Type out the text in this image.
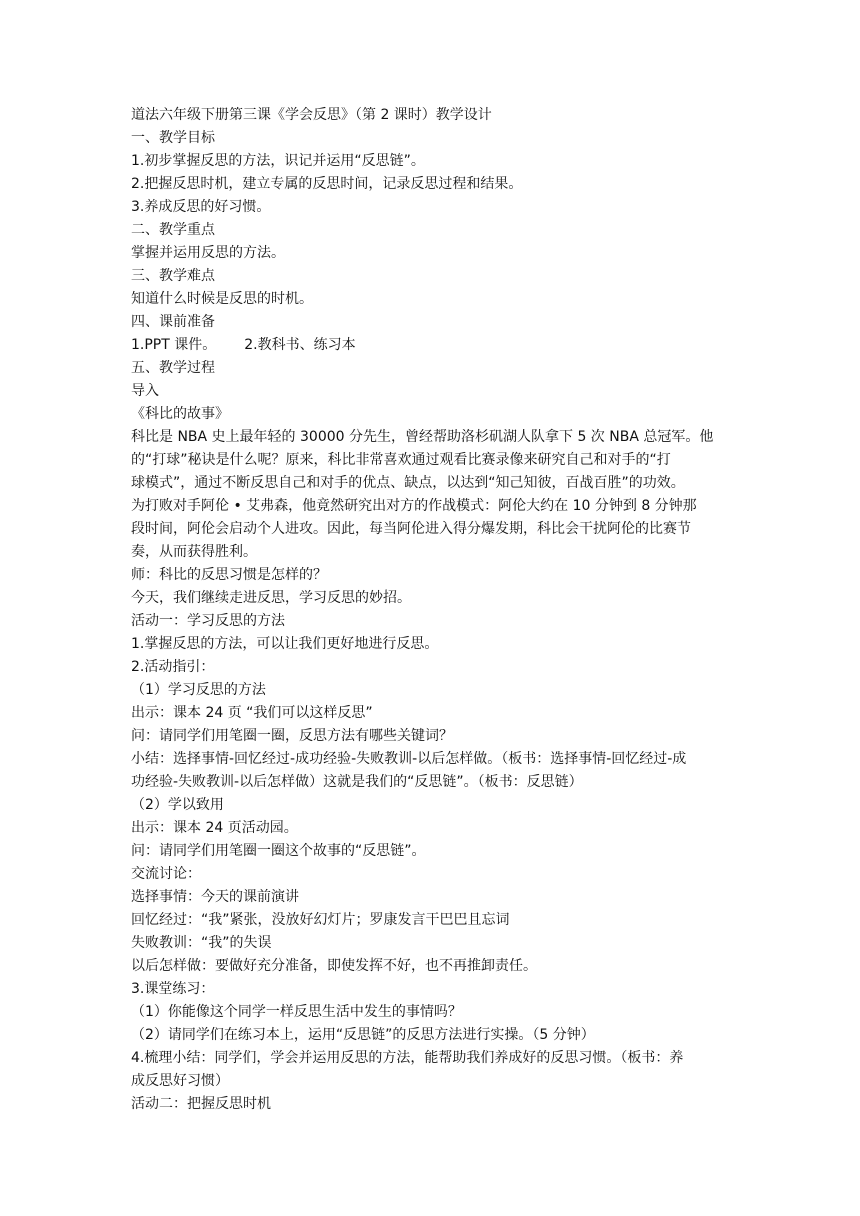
道法六年级下册第三课《学会反思》（第 2 课时）教学设计
一、教学目标
1.初步掌握反思的方法，识记并运用“反思链”。
2.把握反思时机，建立专属的反思时间，记录反思过程和结果。
3.养成反思的好习惯。
二、教学重点
掌握并运用反思的方法。
三、教学难点
知道什么时候是反思的时机。
四、课前准备
1.PPT 课件。 2.教科书、练习本
五、教学过程
导入
《科比的故事》
科比是 NBA 史上最年轻的 30000 分先生，曾经帮助洛杉矶湖人队拿下 5 次 NBA 总冠军。他
的“打球”秘诀是什么呢？原来，科比非常喜欢通过观看比赛录像来研究自己和对手的“打
球模式”，通过不断反思自己和对手的优点、缺点，以达到“知己知彼，百战百胜”的功效。
为打败对手阿伦 • 艾弗森，他竟然研究出对方的作战模式：阿伦大约在 10 分钟到 8 分钟那
段时间，阿伦会启动个人进攻。因此，每当阿伦进入得分爆发期，科比会干扰阿伦的比赛节
奏，从而获得胜利。
师：科比的反思习惯是怎样的？
今天，我们继续走进反思，学习反思的妙招。
活动一：学习反思的方法
1.掌握反思的方法，可以让我们更好地进行反思。
2.活动指引：
（1）学习反思的方法
出示：课本 24 页 “我们可以这样反思”
问：请同学们用笔圈一圈，反思方法有哪些关键词？
小结：选择事情-回忆经过-成功经验-失败教训-以后怎样做。（板书：选择事情-回忆经过-成
功经验-失败教训-以后怎样做）这就是我们的“反思链”。（板书：反思链）
（2）学以致用
出示：课本 24 页活动园。
问：请同学们用笔圈一圈这个故事的“反思链”。
交流讨论：
选择事情：今天的课前演讲
回忆经过：“我”紧张，没放好幻灯片；罗康发言干巴巴且忘词
失败教训：“我”的失误
以后怎样做：要做好充分准备，即使发挥不好，也不再推卸责任。
3.课堂练习：
（1）你能像这个同学一样反思生活中发生的事情吗？
（2）请同学们在练习本上，运用“反思链”的反思方法进行实操。（5 分钟）
4.梳理小结：同学们，学会并运用反思的方法，能帮助我们养成好的反思习惯。（板书：养
成反思好习惯）
活动二：把握反思时机
